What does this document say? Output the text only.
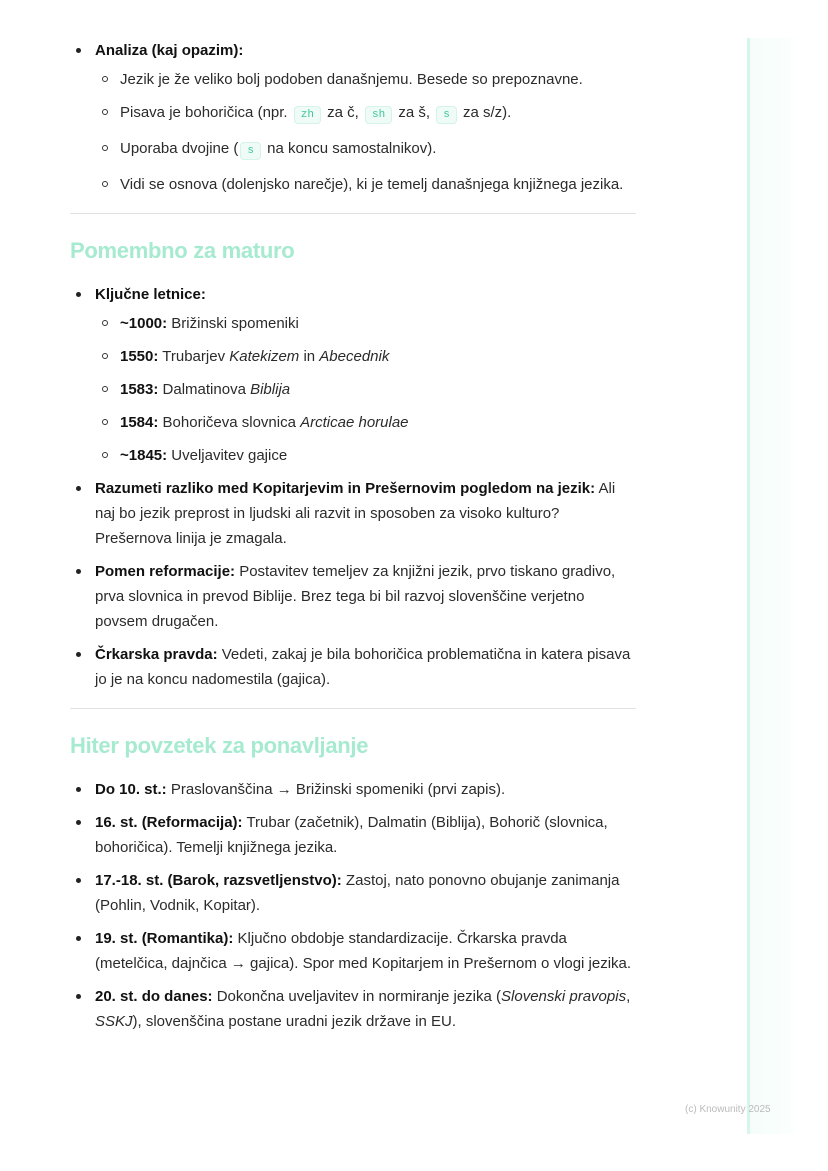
Analiza (kaj opazim):
Jezik je že veliko bolj podoben današnjemu. Besede so prepoznavne.
Pisava je bohoričica (npr. zh za č, sh za š, s za s/z).
Uporaba dvojine ( s na koncu samostalnikov).
Vidi se osnova (dolenjsko narečje), ki je temelj današnjega knjižnega jezika.
Pomembno za maturo
Ključne letnice:
~1000: Brižinski spomeniki
1550: Trubarjev Katekizem in Abecednik
1583: Dalmatinova Biblija
1584: Bohoričeva slovnica Arcticae horulae
~1845: Uveljavitev gajice
Razumeti razliko med Kopitarjevim in Prešernovim pogledom na jezik: Ali naj bo jezik preprost in ljudski ali razvit in sposoben za visoko kulturo? Prešernova linija je zmagala.
Pomen reformacije: Postavitev temeljev za knjižni jezik, prvo tiskano gradivo, prva slovnica in prevod Biblije. Brez tega bi bil razvoj slovenščine verjetno povsem drugačen.
Črkarska pravda: Vedeti, zakaj je bila bohoričica problematična in katera pisava jo je na koncu nadomestila (gajica).
Hiter povzetek za ponavljanje
Do 10. st.: Praslovanščina → Brižinski spomeniki (prvi zapis).
16. st. (Reformacija): Trubar (začetnik), Dalmatin (Biblija), Bohorič (slovnica, bohoričica). Temelji knjižnega jezika.
17.-18. st. (Barok, razsvetljenstvo): Zastoj, nato ponovno obujanje zanimanja (Pohlin, Vodnik, Kopitar).
19. st. (Romantika): Ključno obdobje standardizacije. Črkarska pravda (metelčica, dajnčica → gajica). Spor med Kopitarjem in Prešernom o vlogi jezika.
20. st. do danes: Dokončna uveljavitev in normiranje jezika (Slovenski pravopis, SSKJ), slovenščina postane uradni jezik države in EU.
(c) Knowunity 2025
